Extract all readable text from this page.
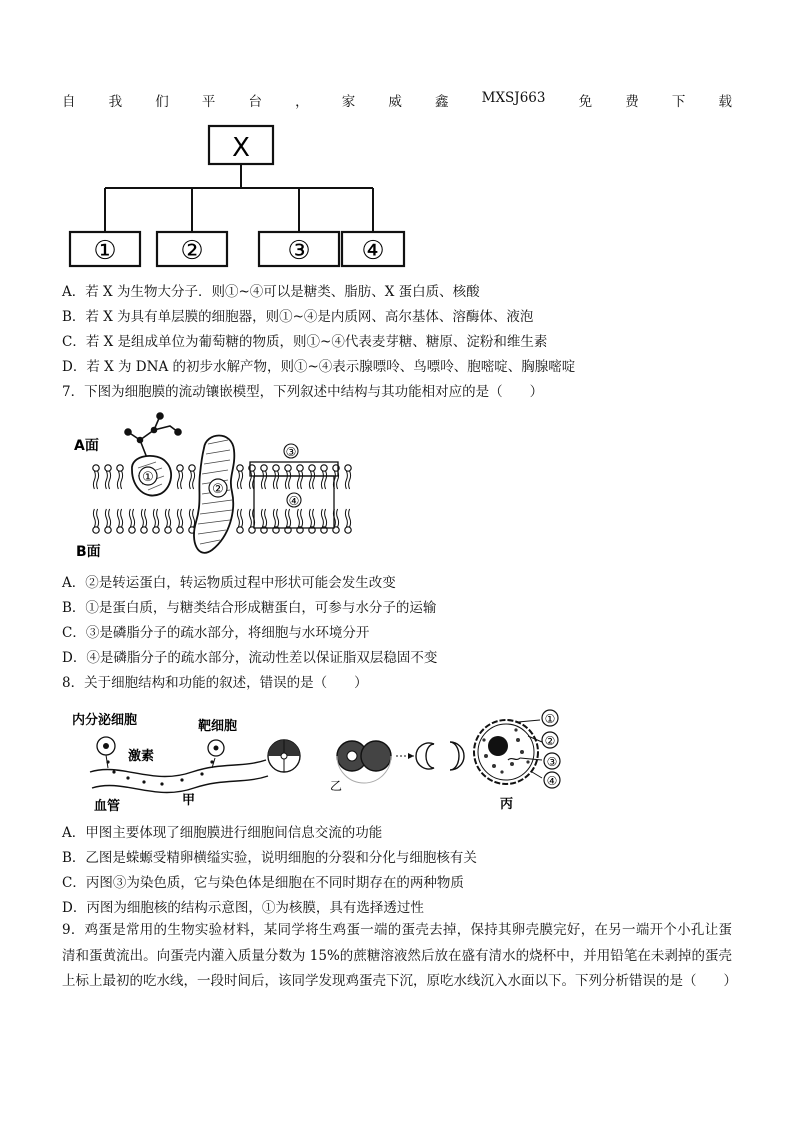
自 我 们 平 台 ， 家 威 鑫 MXSJ663 免 费 下 载
X
① ②	③ ④
A．若 X 为生物大分子．则①~④可以是糖类、脂肪、X 蛋白质、核酸
B．若 X 为具有单层膜的细胞器，则①~④是内质网、高尔基体、溶酶体、液泡
C．若 X 是组成单位为葡萄糖的物质，则①~④代表麦芽糖、糖原、淀粉和维生素
D．若 X 为 DNA 的初步水解产物，则①~④表示腺嘌呤、鸟嘌呤、胞嘧啶、胸腺嘧啶
7．下图为细胞膜的流动镶嵌模型，下列叙述中结构与其功能相对应的是（　　）
A面
B面
①
②
③
④
A．②是转运蛋白，转运物质过程中形状可能会发生改变
B．①是蛋白质，与糖类结合形成糖蛋白，可参与水分子的运输
C．③是磷脂分子的疏水部分，将细胞与水环境分开
D．④是磷脂分子的疏水部分，流动性差以保证脂双层稳固不变
8．关于细胞结构和功能的叙述，错误的是（　　）
内分泌细胞	靶细胞
激素
血管	甲
乙
①
②
③
④
丙
A．甲图主要体现了细胞膜进行细胞间信息交流的功能
B．乙图是蝾螈受精卵横缢实验，说明细胞的分裂和分化与细胞核有关
C．丙图③为染色质，它与染色体是细胞在不同时期存在的两种物质
D．丙图为细胞核的结构示意图，①为核膜，具有选择透过性
9．鸡蛋是常用的生物实验材料，某同学将生鸡蛋一端的蛋壳去掉，保持其卵壳膜完好，在另一端开个小孔让蛋清和蛋黄流出。向蛋壳内灌入质量分数为 15%的蔗糖溶液然后放在盛有清水的烧杯中，并用铅笔在未剥掉的蛋壳上标上最初的吃水线，一段时间后，该同学发现鸡蛋壳下沉，原吃水线沉入水面以下。下列分析错误的是（　　）
